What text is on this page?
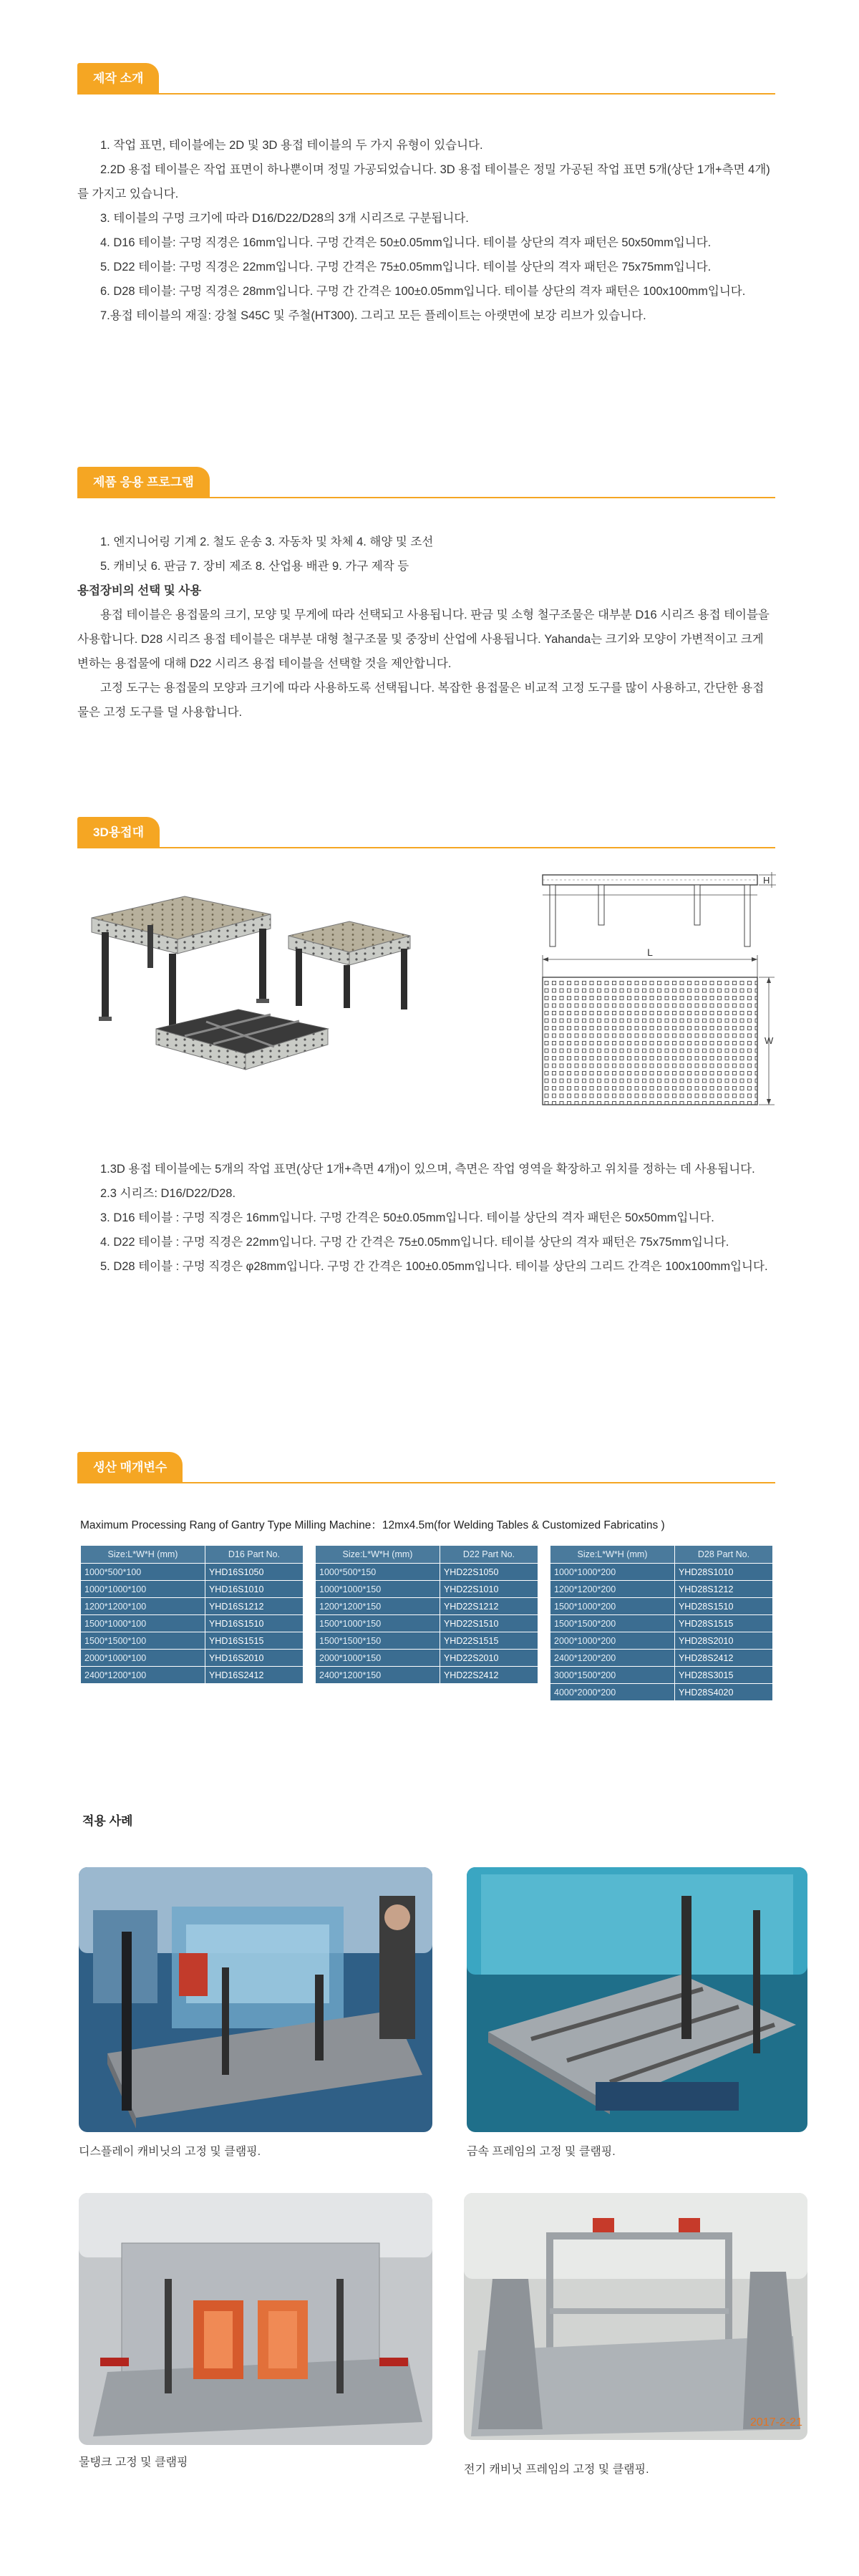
제작 소개

1. 작업 표면, 테이블에는 2D 및 3D 용접 테이블의 두 가지 유형이 있습니다.

2.2D 용접 테이블은 작업 표면이 하나뿐이며 정밀 가공되었습니다. 3D 용접 테이블은 정밀 가공된 작업 표면 5개(상단 1개+측면 4개)를 가지고 있습니다.

3. 테이블의 구멍 크기에 따라 D16/D22/D28의 3개 시리즈로 구분됩니다.

4. D16 테이블: 구멍 직경은 16mm입니다. 구멍 간격은 50±0.05mm입니다. 테이블 상단의 격자 패턴은 50x50mm입니다.

5. D22 테이블: 구멍 직경은 22mm입니다. 구멍 간격은 75±0.05mm입니다. 테이블 상단의 격자 패턴은 75x75mm입니다.

6. D28 테이블: 구멍 직경은 28mm입니다. 구멍 간 간격은 100±0.05mm입니다. 테이블 상단의 격자 패턴은 100x100mm입니다.

7.용접 테이블의 재질: 강철 S45C 및 주철(HT300). 그리고 모든 플레이트는 아랫면에 보강 리브가 있습니다.

제품 응용 프로그램

1. 엔지니어링 기계 2. 철도 운송 3. 자동차 및 차체 4. 해양 및 조선

5. 캐비닛 6. 판금 7. 장비 제조 8. 산업용 배관 9. 가구 제작 등

용접장비의 선택 및 사용

용접 테이블은 용접물의 크기, 모양 및 무게에 따라 선택되고 사용됩니다. 판금 및 소형 철구조물은 대부분 D16 시리즈 용접 테이블을 사용합니다. D28 시리즈 용접 테이블은 대부분 대형 철구조물 및 중장비 산업에 사용됩니다. Yahanda는 크기와 모양이 가변적이고 크게 변하는 용접물에 대해 D22 시리즈 용접 테이블을 선택할 것을 제안합니다.

고정 도구는 용접물의 모양과 크기에 따라 사용하도록 선택됩니다. 복잡한 용접물은 비교적 고정 도구를 많이 사용하고, 간단한 용접물은 고정 도구를 덜 사용합니다.

3D용접대
H
L
W

1.3D 용접 테이블에는 5개의 작업 표면(상단 1개+측면 4개)이 있으며, 측면은 작업 영역을 확장하고 위치를 정하는 데 사용됩니다.

2.3 시리즈: D16/D22/D28.

3. D16 테이블 : 구멍 직경은 16mm입니다. 구멍 간격은 50±0.05mm입니다. 테이블 상단의 격자 패턴은 50x50mm입니다.

4. D22 테이블 : 구멍 직경은 22mm입니다. 구멍 간 간격은 75±0.05mm입니다. 테이블 상단의 격자 패턴은 75x75mm입니다.

5. D28 테이블 : 구멍 직경은 φ28mm입니다. 구멍 간 간격은 100±0.05mm입니다. 테이블 상단의 그리드 간격은 100x100mm입니다.

생산 매개변수
Maximum Processing Rang of Gantry Type Milling Machine：12mx4.5m(for Welding Tables & Customized Fabricatins )
Size:L*W*H (mm)	D16 Part No.
1000*500*100	YHD16S1050
1000*1000*100	YHD16S1010
1200*1200*100	YHD16S1212
1500*1000*100	YHD16S1510
1500*1500*100	YHD16S1515
2000*1000*100	YHD16S2010
2400*1200*100	YHD16S2412
Size:L*W*H (mm)	D22 Part No.
1000*500*150	YHD22S1050
1000*1000*150	YHD22S1010
1200*1200*150	YHD22S1212
1500*1000*150	YHD22S1510
1500*1500*150	YHD22S1515
2000*1000*150	YHD22S2010
2400*1200*150	YHD22S2412
Size:L*W*H (mm)	D28 Part No.
1000*1000*200	YHD28S1010
1200*1200*200	YHD28S1212
1500*1000*200	YHD28S1510
1500*1500*200	YHD28S1515
2000*1000*200	YHD28S2010
2400*1200*200	YHD28S2412
3000*1500*200	YHD28S3015
4000*2000*200	YHD28S4020
적용 사례
디스플레이 캐비닛의 고정 및 클램핑.	금속 프레임의 고정 및 클램핑.
물탱크 고정 및 클램핑
2017-2-21
전기 캐비닛 프레임의 고정 및 클램핑.
